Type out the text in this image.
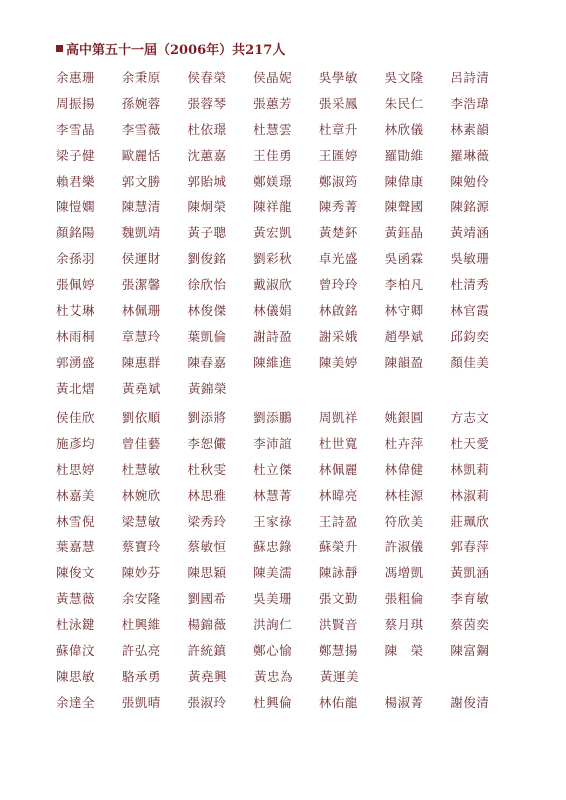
高中第五十一屆（2006年）共217人
余惠珊	余秉原	侯春榮	侯晶妮	吳學敏	吳文隆	呂詩清
周振揚	孫婉蓉	張蓉琴	張蕙芳	張采鳳	朱民仁	李浩瑋
李雪晶	李雪薇	杜依璟	杜慧雲	杜章升	林欣儀	林素韻
梁子健	歐麗恬	沈蕙嘉	王佳勇	王匯婷	羅勖維	羅琳薇
賴君樂	郭文勝	郭貽城	鄭媄璟	鄭淑筠	陳偉康	陳勉伶
陳愷嫻	陳慧清	陳炯榮	陳祥龍	陳秀菁	陳聲國	陳銘源
顏銘陽	魏凱靖	黃子聰	黃宏凱	黃楚鈈	黃鈺晶	黃靖涵
余孫羽	侯運財	劉俊銘	劉彩秋	卓光盛	吳函霖	吳敏珊
張佩婷	張潔馨	徐欣怡	戴淑欣	曾玲玲	李柏凡	杜清秀
杜艾琳	林佩珊	林俊傑	林儀娟	林啟銘	林守卿	林官霞
林雨桐	章慧玲	葉凱倫	謝詩盈	謝采娥	趙學斌	邱鈞奕
郭湧盛	陳惠群	陳春嘉	陳維進	陳美婷	陳韻盈	顏佳美
黃北熠	黃堯斌	黃錦榮
侯佳欣	劉依順	劉添將	劉添鵬	周凱祥	姚銀圓	方志文
施彥均	曾佳藝	李恕儼	李沛誼	杜世寬	杜卉萍	杜天愛
杜思婷	杜慧敏	杜秋雯	杜立傑	林佩麗	林偉健	林凱莉
林嘉美	林婉欣	林思雅	林慧菁	林暐亮	林桂源	林淑莉
林雪倪	梁慧敏	梁秀玲	王家祿	王詩盈	符欣美	莊珮欣
葉嘉慧	蔡寶玲	蔡敏恒	蘇忠錄	蘇榮升	許淑儀	郭春萍
陳俊文	陳妙芬	陳思穎	陳美濡	陳詠靜	馮增凱	黃凱涵
黃慧薇	余安隆	劉國希	吳美珊	張文勤	張粗倫	李育敏
杜泳鍵	杜興維	楊錦薇	洪詢仁	洪賢音	蔡月琪	蔡茵奕
蘇偉汶	許弘亮	許統鎮	鄭心愉	鄭慧揚	陳　榮	陳富鋼
陳思敏	駱承勇	黃堯興	黃忠為	黃運美
余達全	張凱晴	張淑玲	杜興倫	林佑龍	楊淑菁	謝俊清
